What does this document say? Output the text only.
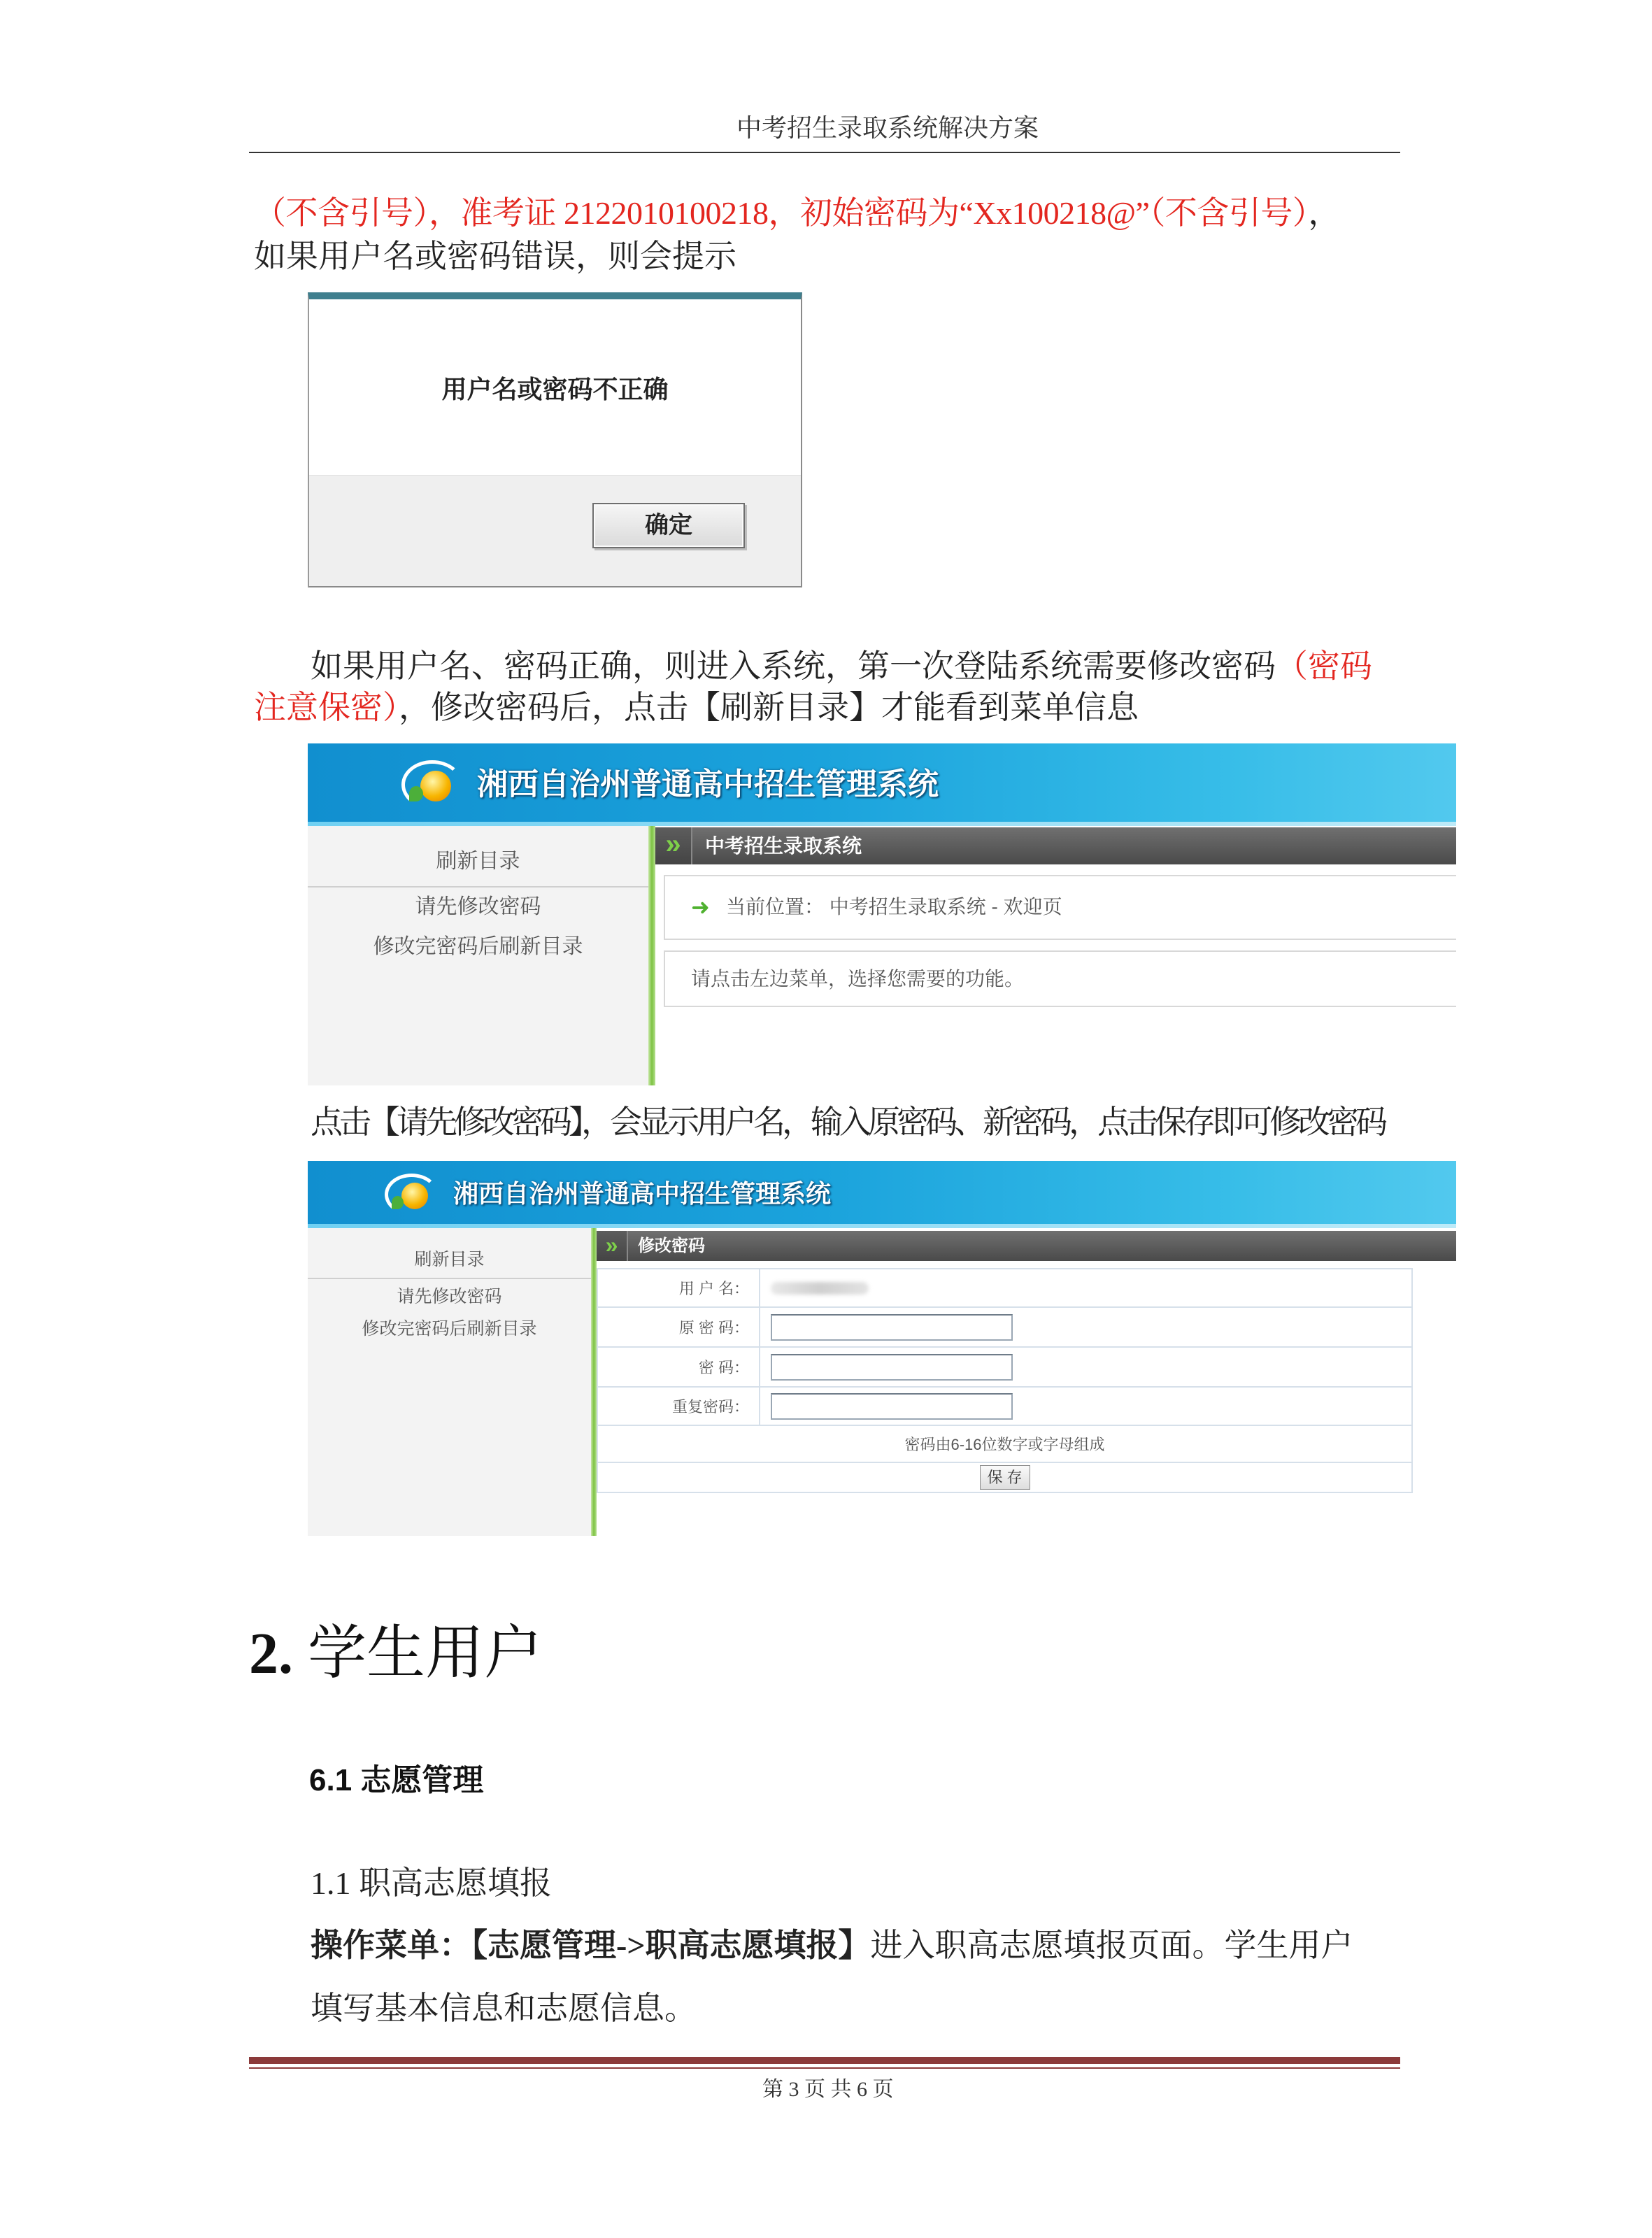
中考招生录取系统解决方案
（不含引号），准考证 2122010100218，初始密码为“Xx100218@”（不含引号），
如果用户名或密码错误，则会提示
用户名或密码不正确
确定
如果用户名、密码正确，则进入系统，第一次登陆系统需要修改密码（密码
注意保密），修改密码后，点击【刷新目录】才能看到菜单信息
湘西自治州普通高中招生管理系统
刷新目录
请先修改密码
修改完密码后刷新目录
»	中考招生录取系统
➜ 当前位置： 中考招生录取系统 - 欢迎页
请点击左边菜单，选择您需要的功能。
点击【请先修改密码】，会显示用户名，输入原密码、新密码，点击保存即可修改密码
湘西自治州普通高中招生管理系统
刷新目录
请先修改密码
修改完密码后刷新目录
»	修改密码
用 户 名：	

原 密 码：	

密 码：	

重复密码：	

密码由6-16位数字或字母组成	
保 存	
2. 学生用户
6.1 志愿管理
1.1 职高志愿填报
操作菜单：【志愿管理->职高志愿填报】进入职高志愿填报页面。学生用户
填写基本信息和志愿信息。
第 3 页 共 6 页
